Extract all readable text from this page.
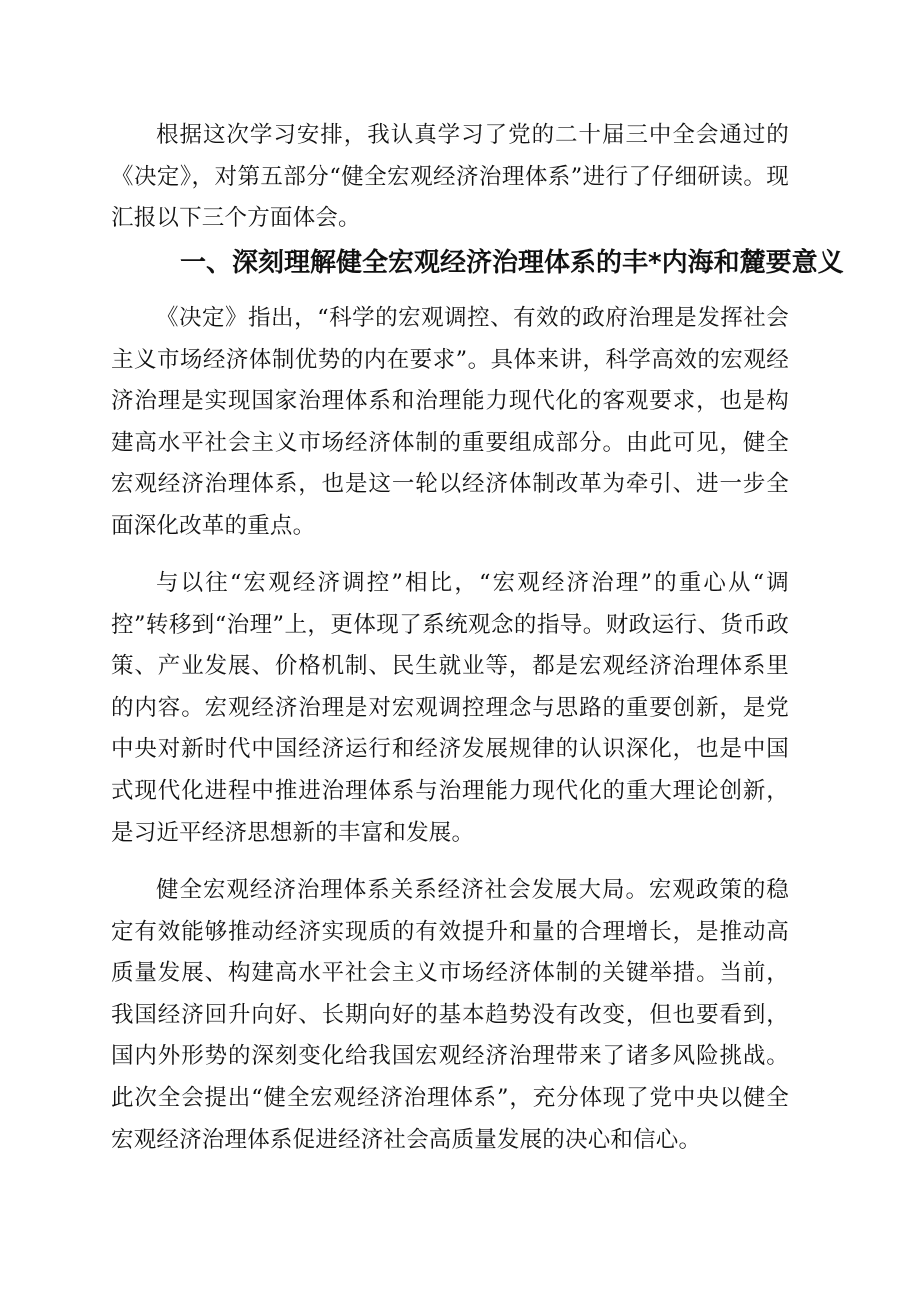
根据这次学习安排，我认真学习了党的二十届三中全会通过的《决定》，对第五部分“健全宏观经济治理体系”进行了仔细研读。现汇报以下三个方面体会。

一、深刻理解健全宏观经济治理体系的丰*内海和麓要意义

《决定》指出，“科学的宏观调控、有效的政府治理是发挥社会主义市场经济体制优势的内在要求”。具体来讲，科学高效的宏观经济治理是实现国家治理体系和治理能力现代化的客观要求，也是构建高水平社会主义市场经济体制的重要组成部分。由此可见，健全宏观经济治理体系，也是这一轮以经济体制改革为牵引、进一步全面深化改革的重点。

与以往“宏观经济调控”相比，“宏观经济治理”的重心从“调控”转移到“治理”上，更体现了系统观念的指导。财政运行、货币政策、产业发展、价格机制、民生就业等，都是宏观经济治理体系里的内容。宏观经济治理是对宏观调控理念与思路的重要创新，是党中央对新时代中国经济运行和经济发展规律的认识深化，也是中国式现代化进程中推进治理体系与治理能力现代化的重大理论创新，是习近平经济思想新的丰富和发展。

健全宏观经济治理体系关系经济社会发展大局。宏观政策的稳定有效能够推动经济实现质的有效提升和量的合理增长，是推动高质量发展、构建高水平社会主义市场经济体制的关键举措。当前，我国经济回升向好、长期向好的基本趋势没有改变，但也要看到，国内外形势的深刻变化给我国宏观经济治理带来了诸多风险挑战。此次全会提出“健全宏观经济治理体系”，充分体现了党中央以健全宏观经济治理体系促进经济社会高质量发展的决心和信心。
